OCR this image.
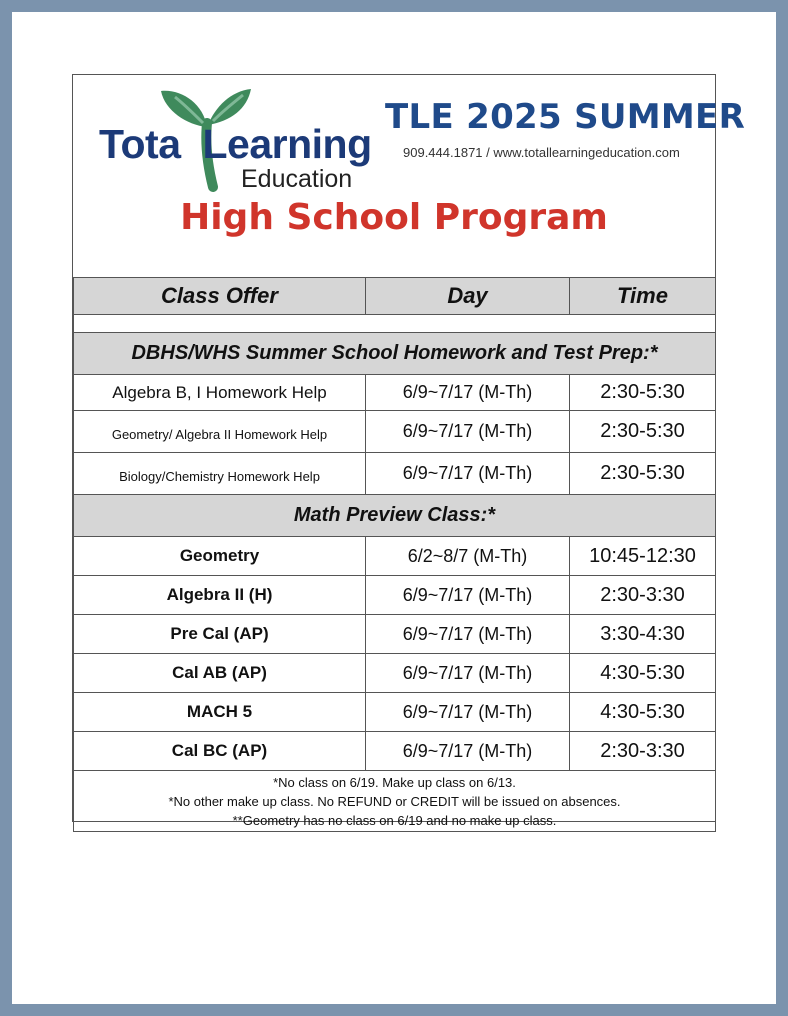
Tota Learning
Education
TLE 2025 SUMMER
909.444.1871 / www.totallearningeducation.com
High School Program
Class Offer	Day	Time

DBHS/WHS Summer School Homework and Test Prep:*		
Algebra B, I Homework Help	6/9~7/17 (M-Th)	2:30-5:30
Geometry/ Algebra II Homework Help	6/9~7/17 (M-Th)	2:30-5:30
Biology/Chemistry Homework Help	6/9~7/17 (M-Th)	2:30-5:30
Math Preview Class:*		
Geometry	6/2~8/7 (M-Th)	10:45-12:30
Algebra II (H)	6/9~7/17 (M-Th)	2:30-3:30
Pre Cal (AP)	6/9~7/17 (M-Th)	3:30-4:30
Cal AB (AP)	6/9~7/17 (M-Th)	4:30-5:30
MACH 5	6/9~7/17 (M-Th)	4:30-5:30
Cal BC (AP)	6/9~7/17 (M-Th)	2:30-3:30

*No class on 6/19. Make up class on 6/13.
*No other make up class. No REFUND or CREDIT will be issued on absences.
**Geometry has no class on 6/19 and no make up class.		
